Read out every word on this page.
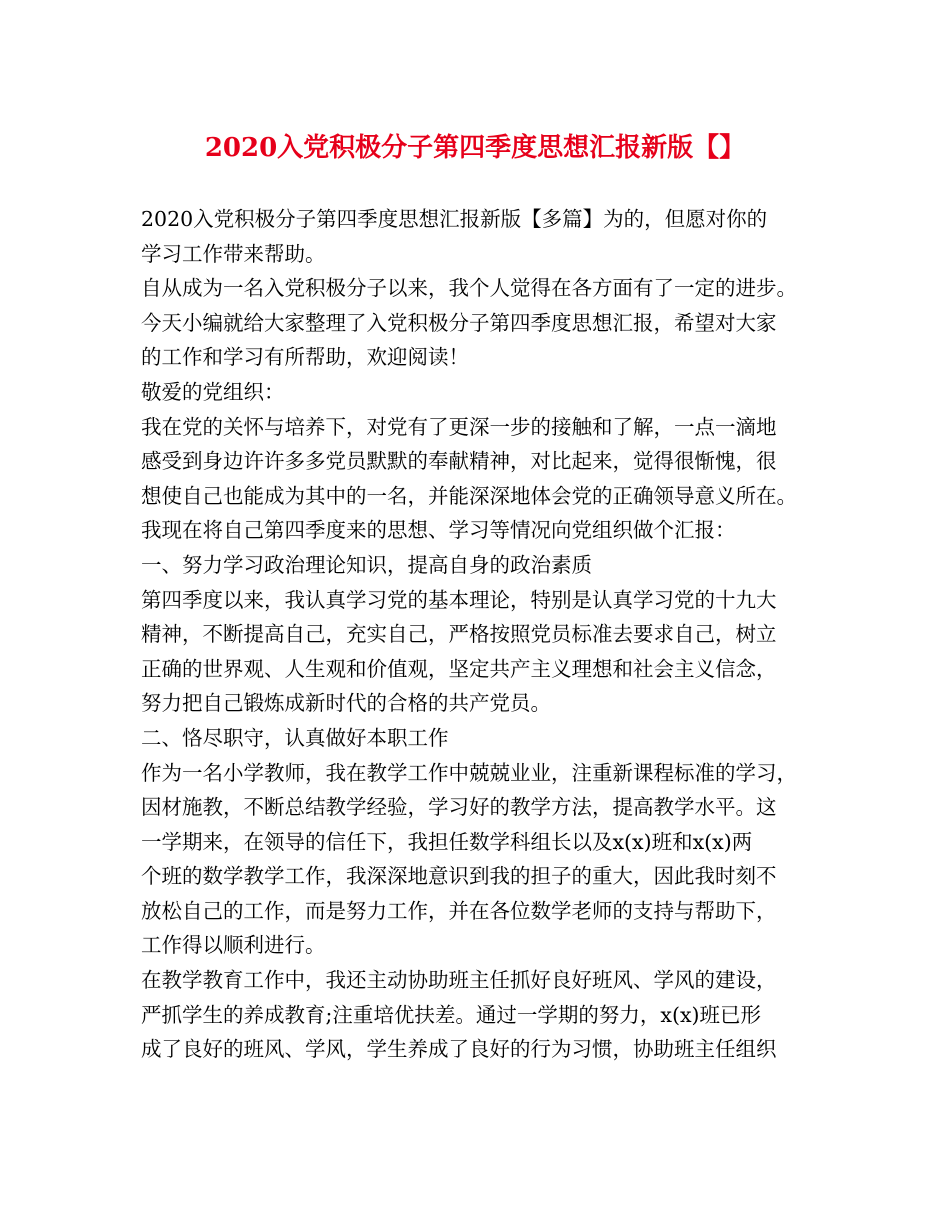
2020入党积极分子第四季度思想汇报新版【】
2020入党积极分子第四季度思想汇报新版【多篇】为的，但愿对你的
学习工作带来帮助。
自从成为一名入党积极分子以来，我个人觉得在各方面有了一定的进步。
今天小编就给大家整理了入党积极分子第四季度思想汇报，希望对大家
的工作和学习有所帮助，欢迎阅读！
敬爱的党组织：
我在党的关怀与培养下，对党有了更深一步的接触和了解，一点一滴地
感受到身边许许多多党员默默的奉献精神，对比起来，觉得很惭愧，很
想使自己也能成为其中的一名，并能深深地体会党的正确领导意义所在。
我现在将自己第四季度来的思想、学习等情况向党组织做个汇报：
一、努力学习政治理论知识，提高自身的政治素质
第四季度以来，我认真学习党的基本理论，特别是认真学习党的十九大
精神，不断提高自己，充实自己，严格按照党员标准去要求自己，树立
正确的世界观、人生观和价值观，坚定共产主义理想和社会主义信念，
努力把自己锻炼成新时代的合格的共产党员。
二、恪尽职守，认真做好本职工作
作为一名小学教师，我在教学工作中兢兢业业，注重新课程标准的学习，
因材施教，不断总结教学经验，学习好的教学方法，提高教学水平。这
一学期来，在领导的信任下，我担任数学科组长以及x(x)班和x(x)两
个班的数学教学工作，我深深地意识到我的担子的重大，因此我时刻不
放松自己的工作，而是努力工作，并在各位数学老师的支持与帮助下，
工作得以顺利进行。
在教学教育工作中，我还主动协助班主任抓好良好班风、学风的建设，
严抓学生的养成教育;注重培优扶差。通过一学期的努力，x(x)班已形
成了良好的班风、学风，学生养成了良好的行为习惯，协助班主任组织
